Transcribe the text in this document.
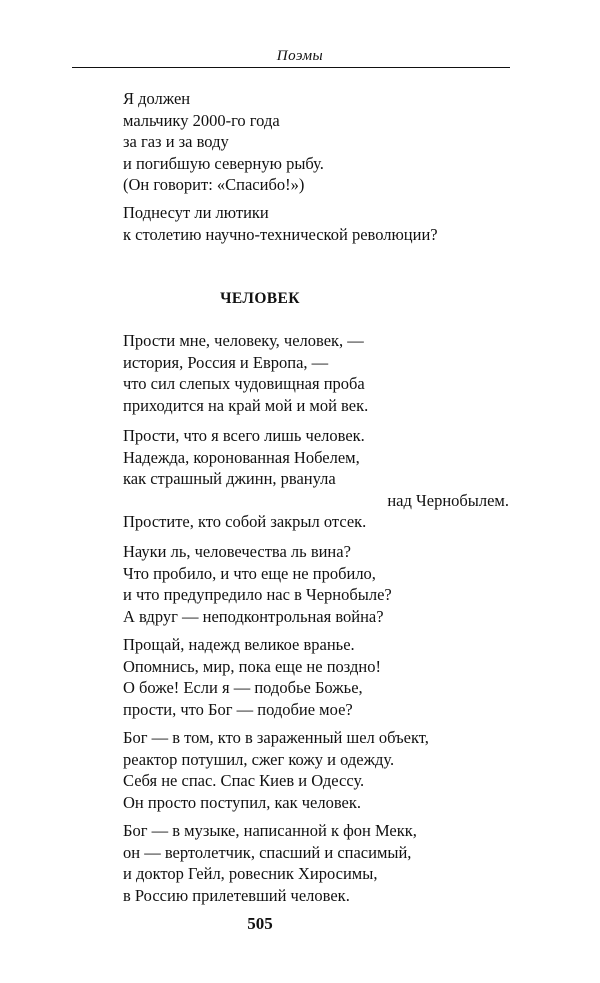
Поэмы
Я должен
мальчику 2000-го года
за газ и за воду
и погибшую северную рыбу.
(Он говорит: «Спасибо!»)
Поднесут ли лютики
к столетию научно-технической революции?
ЧЕЛОВЕК
Прости мне, человеку, человек, —
история, Россия и Европа, —
что сил слепых чудовищная проба
приходится на край мой и мой век.
Прости, что я всего лишь человек.
Надежда, коронованная Нобелем,
как страшный джинн, рванула
над Чернобылем.
Простите, кто собой закрыл отсек.
Науки ль, человечества ль вина?
Что пробило, и что еще не пробило,
и что предупредило нас в Чернобыле?
А вдруг — неподконтрольная война?
Прощай, надежд великое вранье.
Опомнись, мир, пока еще не поздно!
О боже! Если я — подобье Божье,
прости, что Бог — подобие мое?
Бог — в том, кто в зараженный шел объект,
реактор потушил, сжег кожу и одежду.
Себя не спас. Спас Киев и Одессу.
Он просто поступил, как человек.
Бог — в музыке, написанной к фон Мекк,
он — вертолетчик, спасший и спасимый,
и доктор Гейл, ровесник Хиросимы,
в Россию прилетевший человек.
505
